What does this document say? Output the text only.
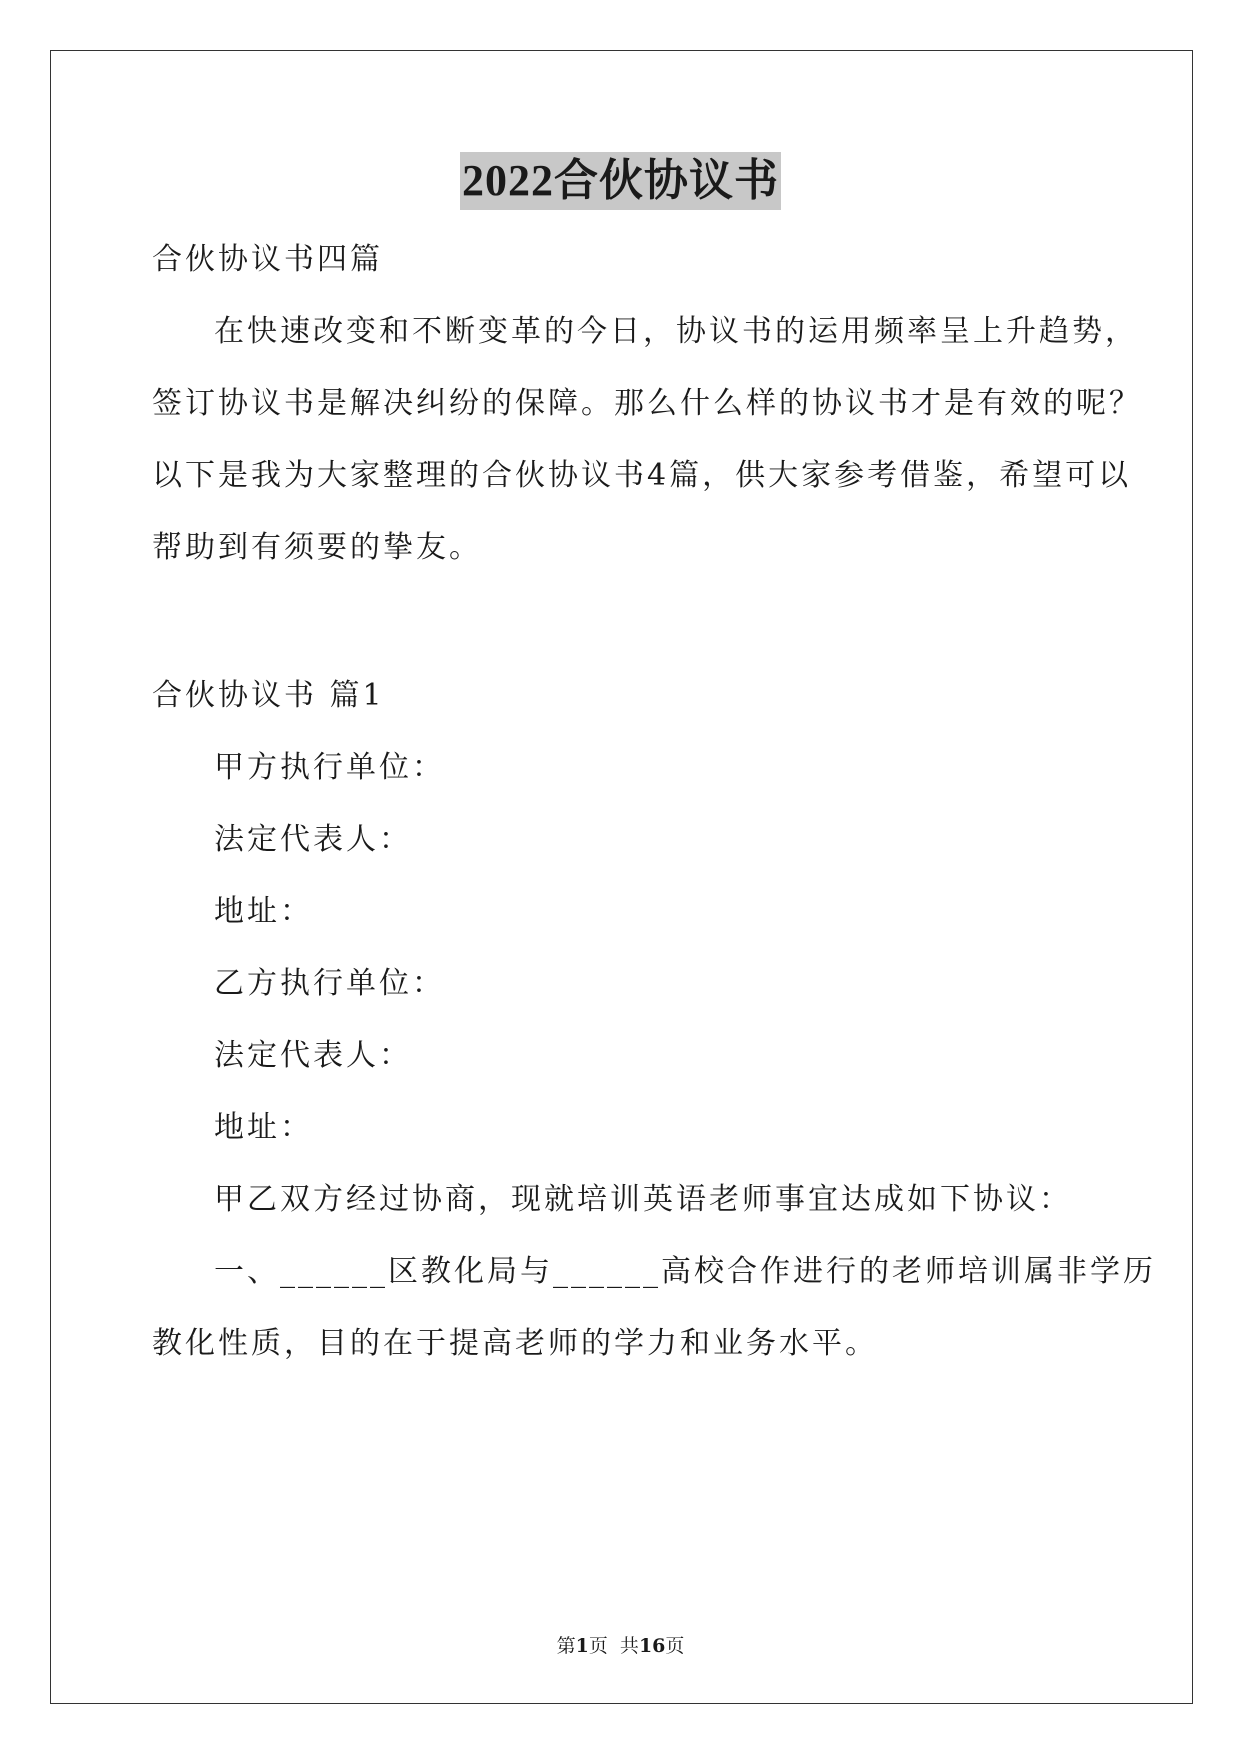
2022合伙协议书
合伙协议书四篇
在快速改变和不断变革的今日，协议书的运用频率呈上升趋势，
签订协议书是解决纠纷的保障。那么什么样的协议书才是有效的呢？
以下是我为大家整理的合伙协议书4篇，供大家参考借鉴，希望可以
帮助到有须要的挚友。
合伙协议书 篇1
甲方执行单位：
法定代表人：
地址：
乙方执行单位：
法定代表人：
地址：
甲乙双方经过协商，现就培训英语老师事宜达成如下协议：
一、______区教化局与______高校合作进行的老师培训属非学历
教化性质，目的在于提高老师的学力和业务水平。
第1页  共16页
